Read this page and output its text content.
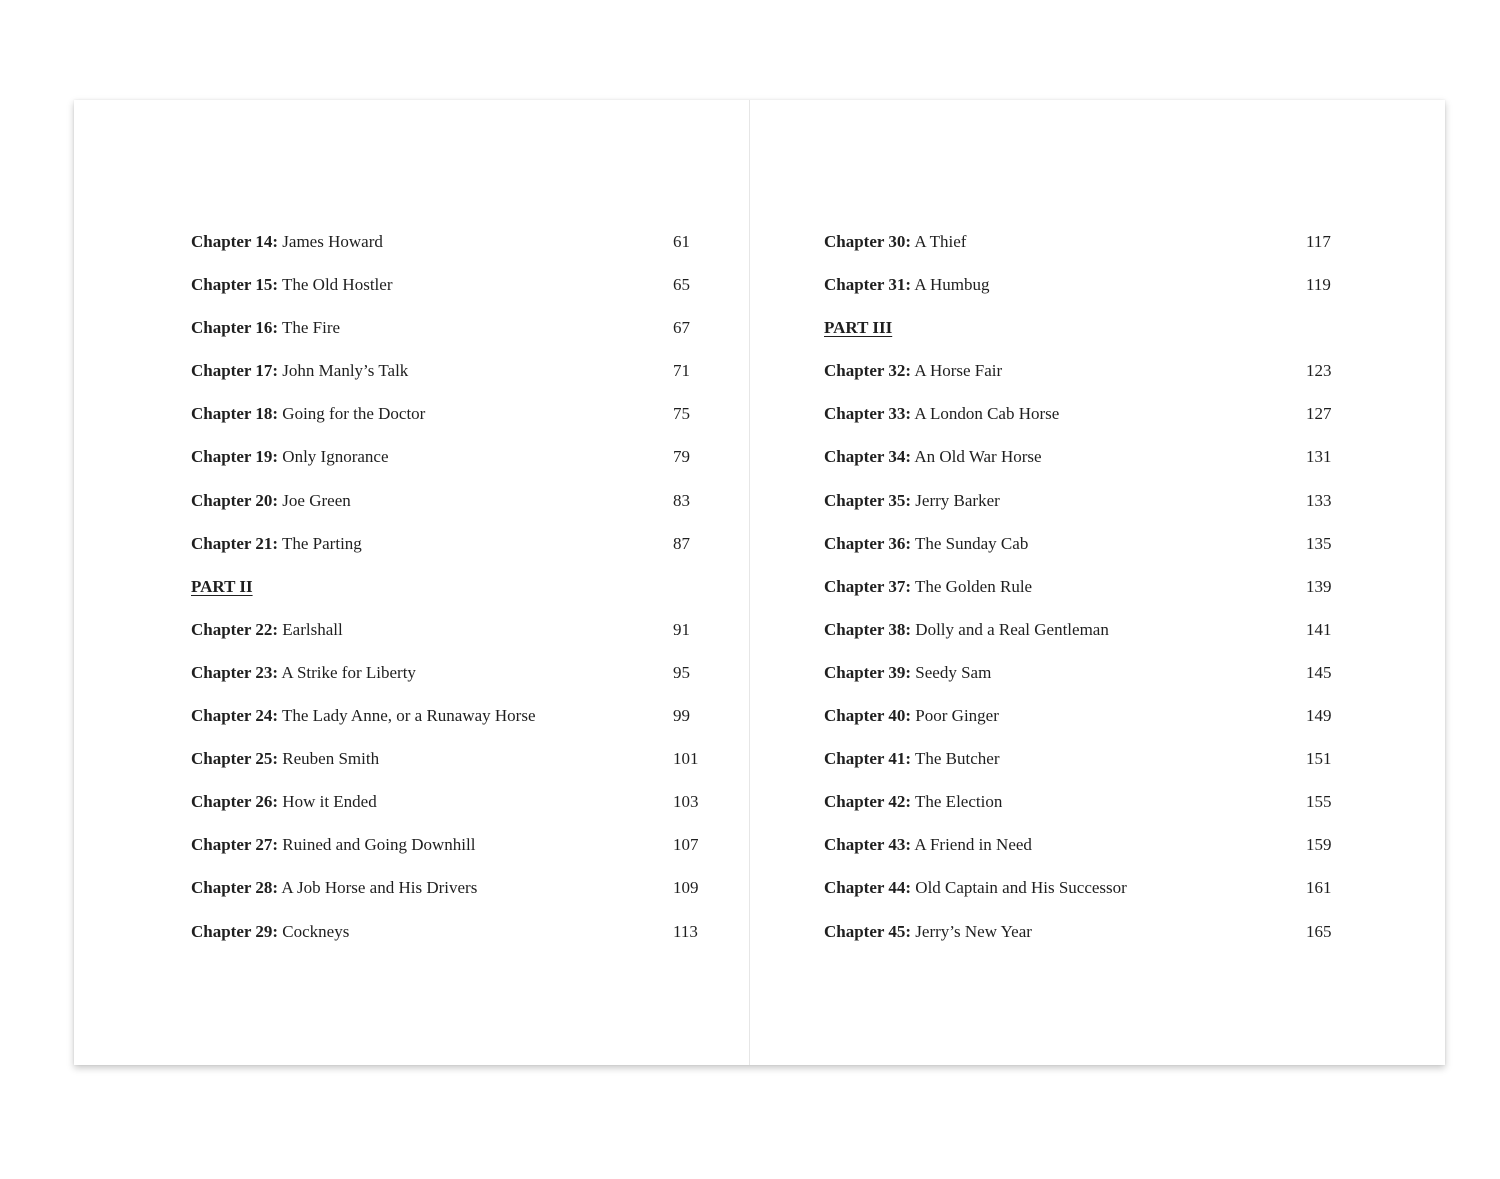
Chapter 14: James Howard	61
Chapter 15: The Old Hostler	65
Chapter 16: The Fire	67
Chapter 17: John Manly’s Talk	71
Chapter 18: Going for the Doctor	75
Chapter 19: Only Ignorance	79
Chapter 20: Joe Green	83
Chapter 21: The Parting	87
PART II
Chapter 22: Earlshall	91
Chapter 23: A Strike for Liberty	95
Chapter 24: The Lady Anne, or a Runaway Horse	99
Chapter 25: Reuben Smith	101
Chapter 26: How it Ended	103
Chapter 27: Ruined and Going Downhill	107
Chapter 28: A Job Horse and His Drivers	109
Chapter 29: Cockneys	113
Chapter 30: A Thief	117
Chapter 31: A Humbug	119
PART III
Chapter 32: A Horse Fair	123
Chapter 33: A London Cab Horse	127
Chapter 34: An Old War Horse	131
Chapter 35: Jerry Barker	133
Chapter 36: The Sunday Cab	135
Chapter 37: The Golden Rule	139
Chapter 38: Dolly and a Real Gentleman	141
Chapter 39: Seedy Sam	145
Chapter 40: Poor Ginger	149
Chapter 41: The Butcher	151
Chapter 42: The Election	155
Chapter 43: A Friend in Need	159
Chapter 44: Old Captain and His Successor	161
Chapter 45: Jerry’s New Year	165
